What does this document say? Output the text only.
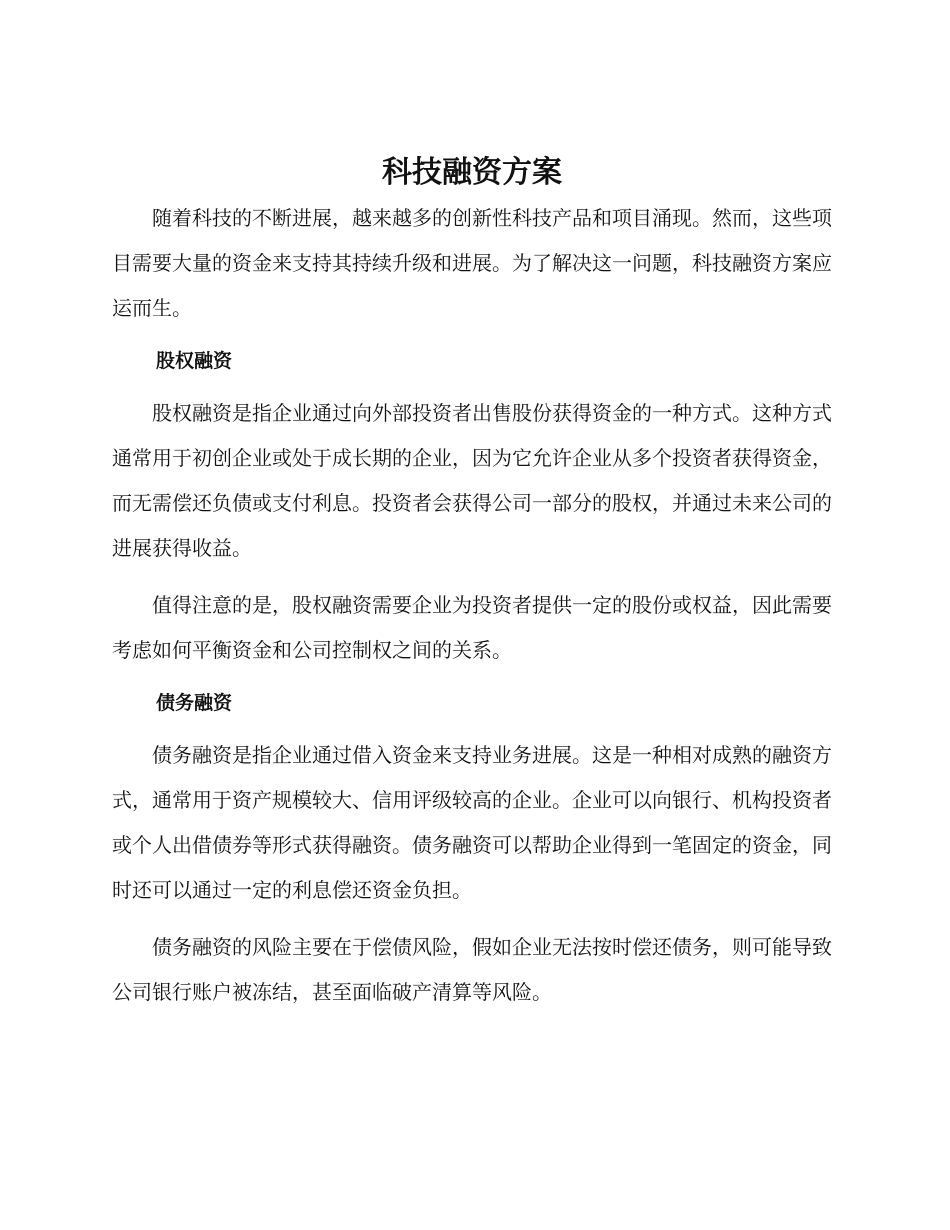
科技融资方案

随着科技的不断进展，越来越多的创新性科技产品和项目涌现。然而，这些项目需要大量的资金来支持其持续升级和进展。为了解决这一问题，科技融资方案应运而生。

股权融资

股权融资是指企业通过向外部投资者出售股份获得资金的一种方式。这种方式通常用于初创企业或处于成长期的企业，因为它允许企业从多个投资者获得资金，而无需偿还负债或支付利息。投资者会获得公司一部分的股权，并通过未来公司的进展获得收益。

值得注意的是，股权融资需要企业为投资者提供一定的股份或权益，因此需要考虑如何平衡资金和公司控制权之间的关系。

债务融资

债务融资是指企业通过借入资金来支持业务进展。这是一种相对成熟的融资方式，通常用于资产规模较大、信用评级较高的企业。企业可以向银行、机构投资者或个人出借债券等形式获得融资。债务融资可以帮助企业得到一笔固定的资金，同时还可以通过一定的利息偿还资金负担。

债务融资的风险主要在于偿债风险，假如企业无法按时偿还债务，则可能导致公司银行账户被冻结，甚至面临破产清算等风险。
